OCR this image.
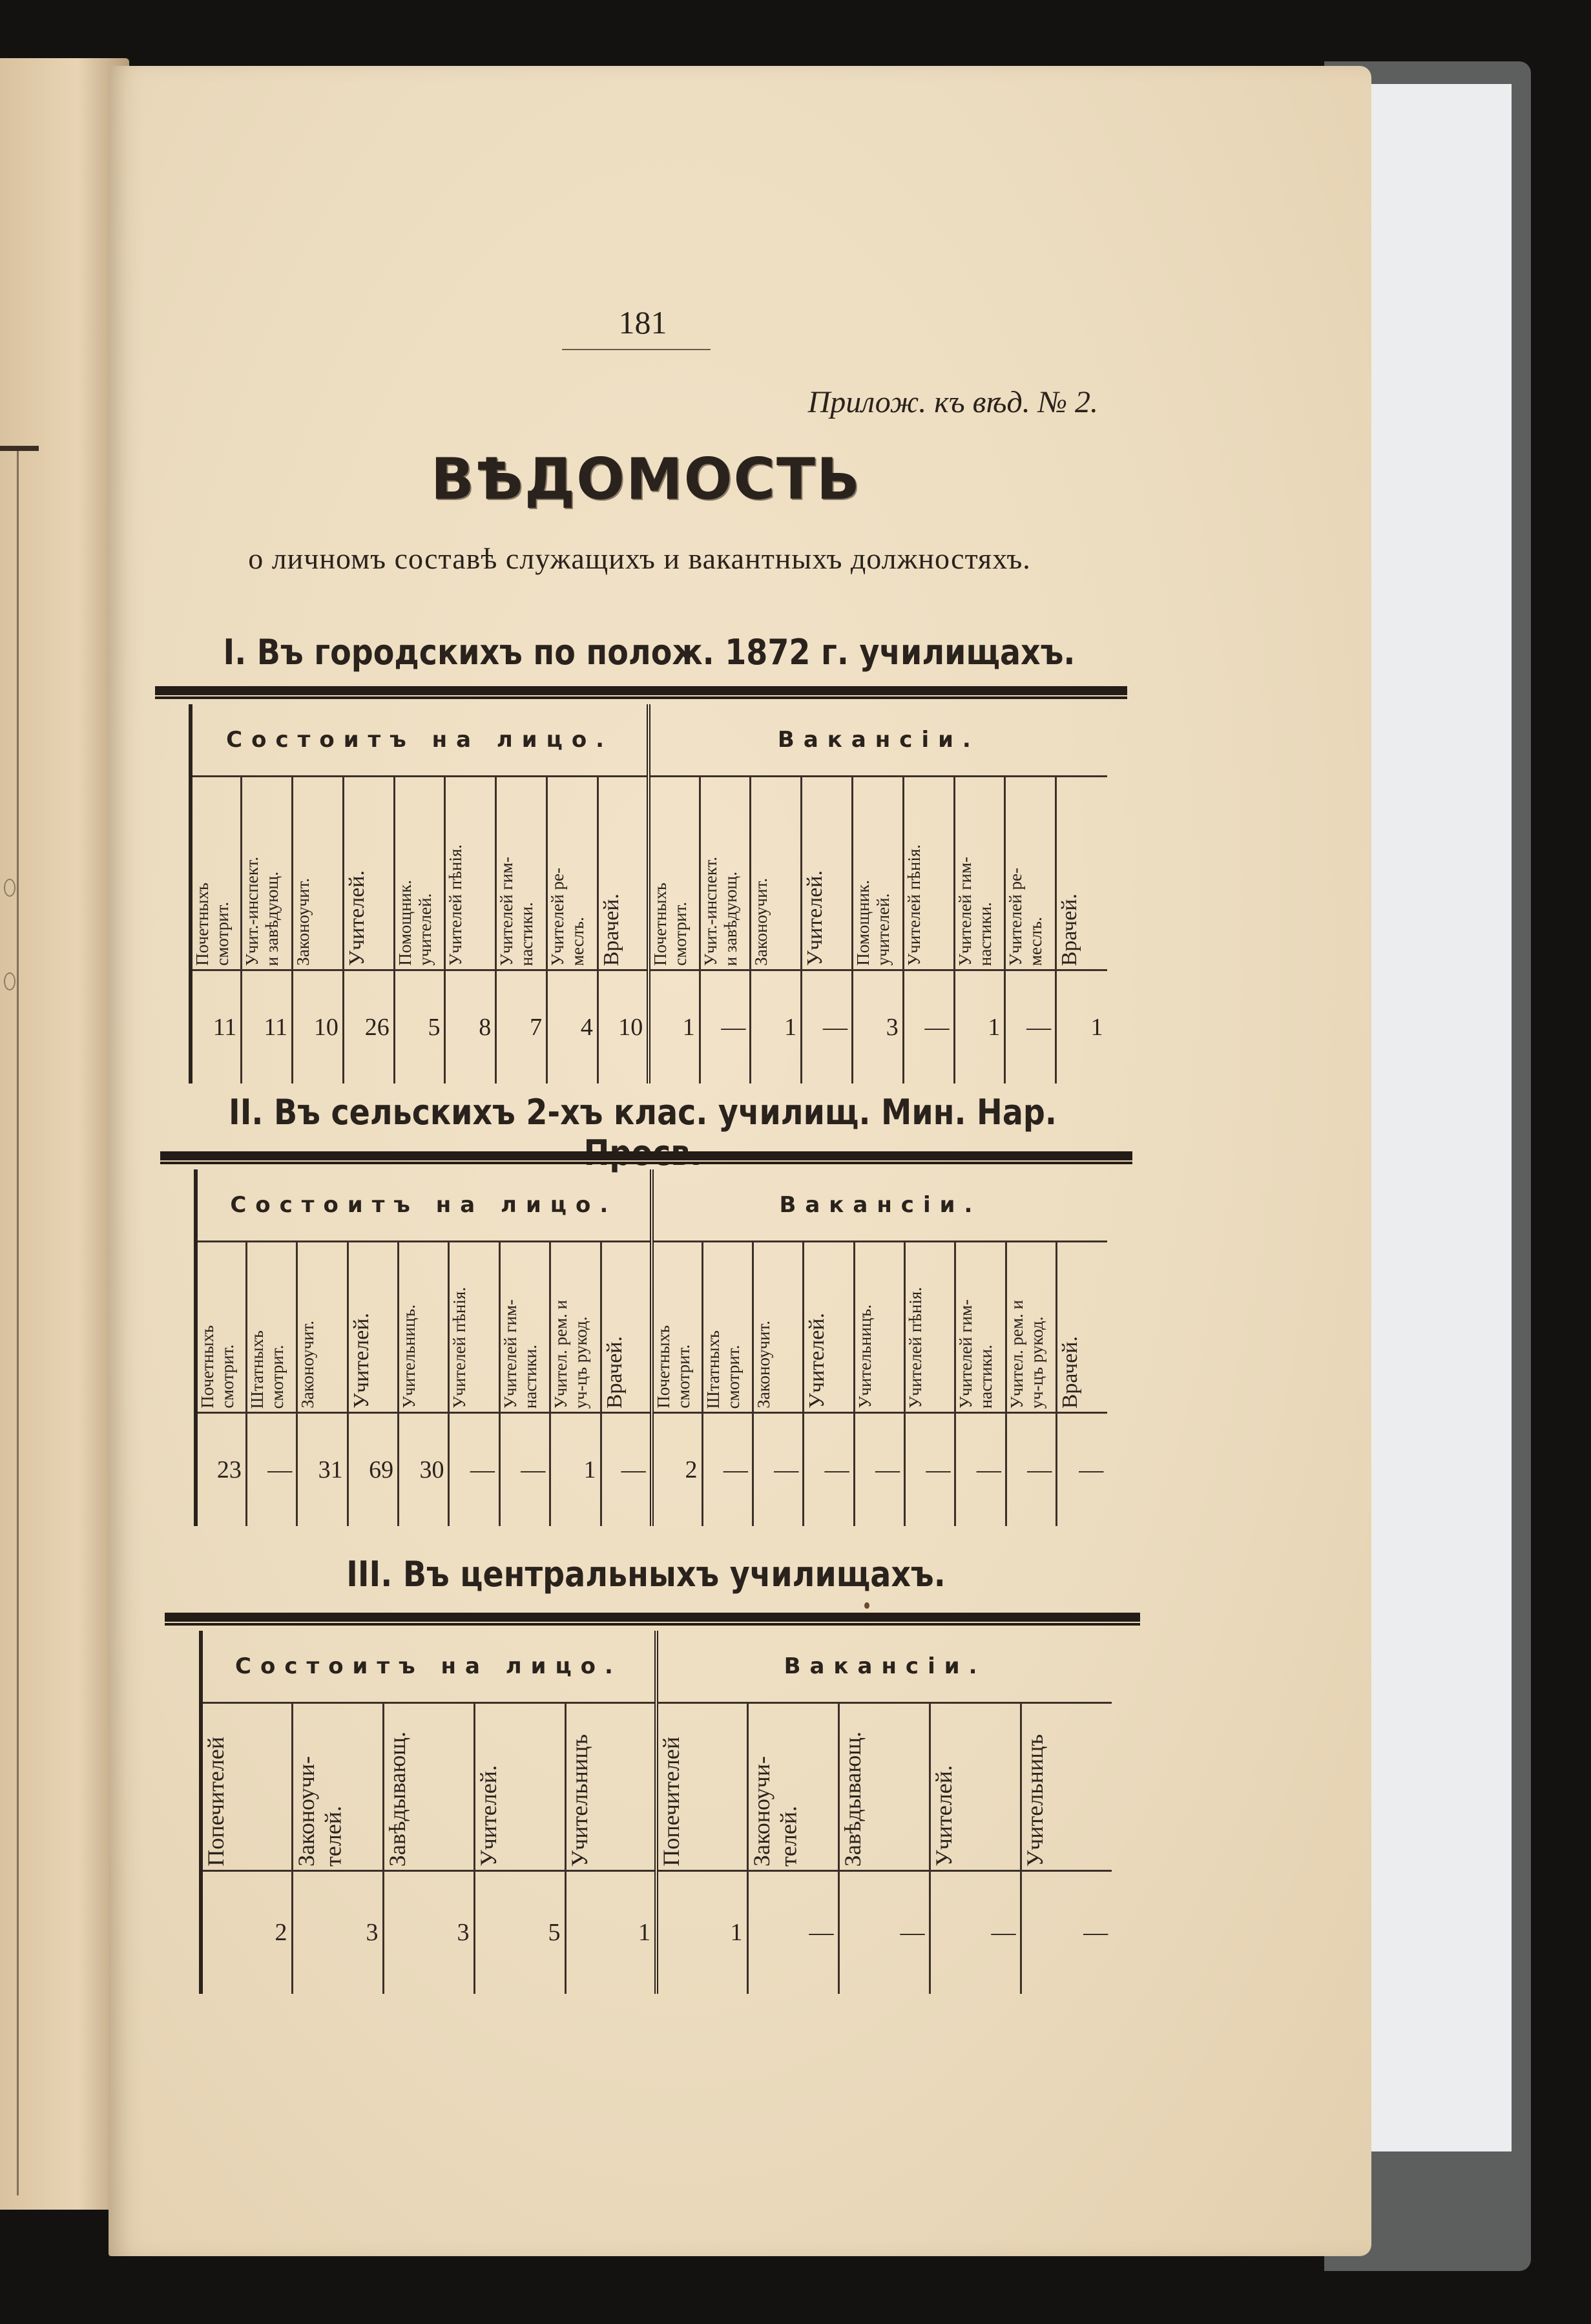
181
Прилож. къ вѣд. № 2.
ВѢДОМОСТЬ
о личномъ составѣ служащихъ и вакантныхъ должностяхъ.
I. Въ городскихъ по полож. 1872 г. училищахъ.
II. Въ сельскихъ 2-хъ клас. училищ. Мин. Нар.
III. Въ центральныхъ училищахъ.
Состоитъ на лицо.									Вакансiи.								
Почетныхъ
смотрит.	Учит.-инспект.
и завѣдующ.	Законоучит.	Учителей.	Помощник.
учителей.	Учителей пѣнія.	Учителей гим-
настики.	Учителей ре-
меслъ.	Врачей.	Почетныхъ
смотрит.	Учит.-инспект.
и завѣдующ.	Законоучит.	Учителей.	Помощник.
учителей.	Учителей пѣнія.	Учителей гим-
настики.	Учителей ре-
меслъ.	Врачей.
11	11	10	26	5	8	7	4	10	1	—	1	—	3	—	1	—	1
Состоитъ на лицо.									Вакансiи.								
Почетныхъ
смотрит.	Штатныхъ
смотрит.	Законоучит.	Учителей.	Учительницъ.	Учителей пѣнія.	Учителей гим-
настики.	Учител. рем. и
уч-цъ рукод.	Врачей.	Почетныхъ
смотрит.	Штатныхъ
смотрит.	Законоучит.	Учителей.	Учительницъ.	Учителей пѣнія.	Учителей гим-
настики.	Учител. рем. и
уч-цъ рукод.	Врачей.
23	—	31	69	30	—	—	1	—	2	—	—	—	—	—	—	—	—
Состоитъ на лицо.					Вакансiи.				
Попечителей	Законоучи-
телей.	Завѣдывающ.	Учителей.	Учительницъ	Попечителей	Законоучи-
телей.	Завѣдывающ.	Учителей.	Учительницъ
2	3	3	5	1	1	—	—	—	—
